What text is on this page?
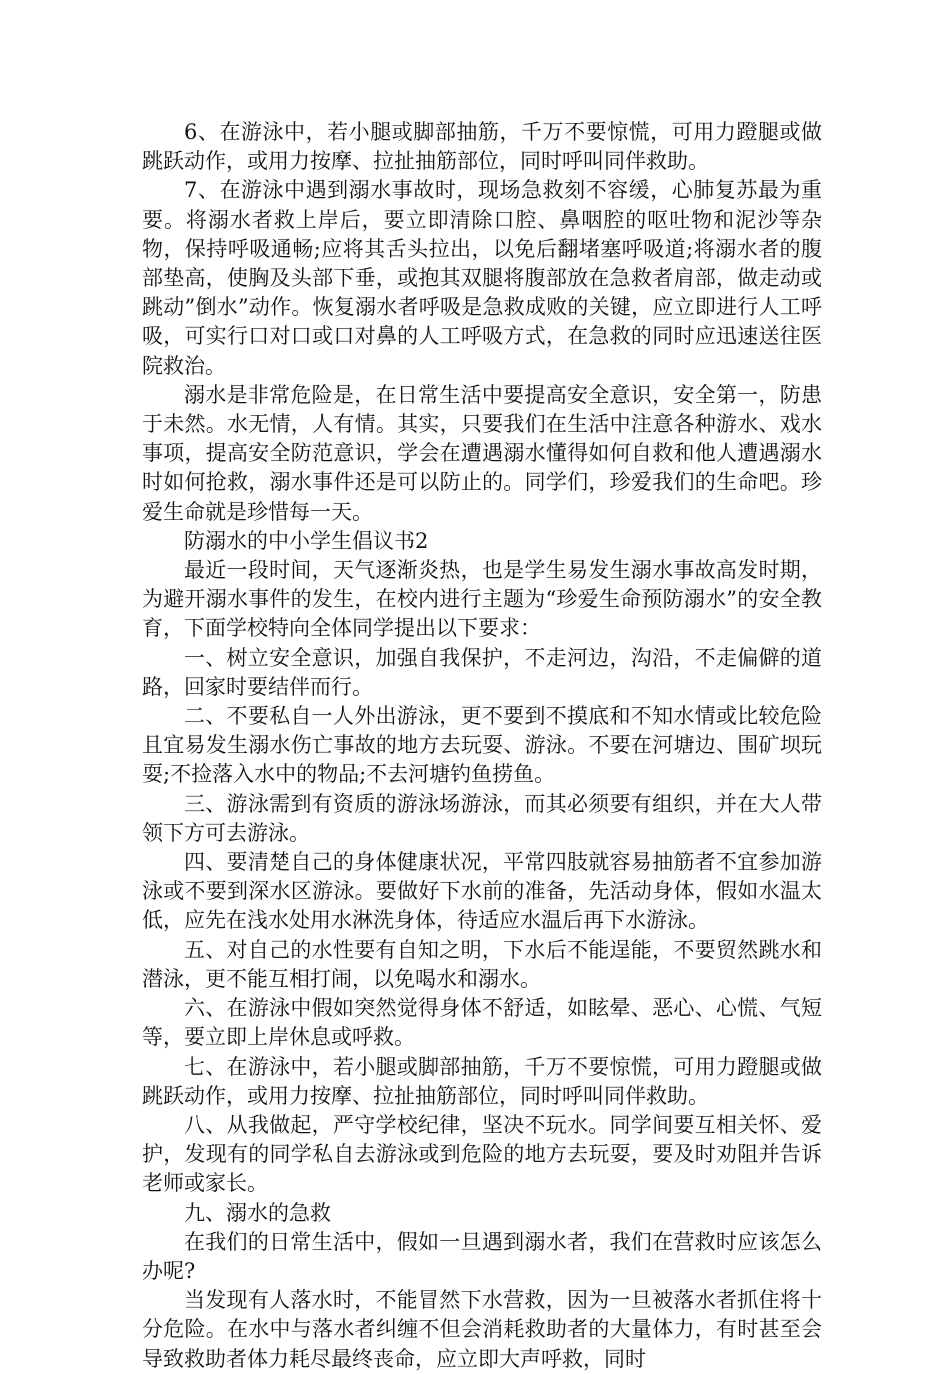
6、在游泳中，若小腿或脚部抽筋，千万不要惊慌，可用力蹬腿或做跳跃动作，或用力按摩、拉扯抽筋部位，同时呼叫同伴救助。

7、在游泳中遇到溺水事故时，现场急救刻不容缓，心肺复苏最为重要。将溺水者救上岸后，要立即清除口腔、鼻咽腔的呕吐物和泥沙等杂物，保持呼吸通畅;应将其舌头拉出，以免后翻堵塞呼吸道;将溺水者的腹部垫高，使胸及头部下垂，或抱其双腿将腹部放在急救者肩部，做走动或跳动”倒水”动作。恢复溺水者呼吸是急救成败的关键，应立即进行人工呼吸，可实行口对口或口对鼻的人工呼吸方式，在急救的同时应迅速送往医院救治。

溺水是非常危险是，在日常生活中要提高安全意识，安全第一，防患于未然。水无情，人有情。其实，只要我们在生活中注意各种游水、戏水事项，提高安全防范意识，学会在遭遇溺水懂得如何自救和他人遭遇溺水时如何抢救，溺水事件还是可以防止的。同学们，珍爱我们的生命吧。珍爱生命就是珍惜每一天。

防溺水的中小学生倡议书2

最近一段时间，天气逐渐炎热，也是学生易发生溺水事故高发时期，为避开溺水事件的发生，在校内进行主题为“珍爱生命预防溺水”的安全教育，下面学校特向全体同学提出以下要求：

一、树立安全意识，加强自我保护，不走河边，沟沿，不走偏僻的道路，回家时要结伴而行。

二、不要私自一人外出游泳，更不要到不摸底和不知水情或比较危险且宜易发生溺水伤亡事故的地方去玩耍、游泳。不要在河塘边、围矿坝玩耍;不捡落入水中的物品;不去河塘钓鱼捞鱼。

三、游泳需到有资质的游泳场游泳，而其必须要有组织，并在大人带领下方可去游泳。

四、要清楚自己的身体健康状况，平常四肢就容易抽筋者不宜参加游泳或不要到深水区游泳。要做好下水前的准备，先活动身体，假如水温太低，应先在浅水处用水淋洗身体，待适应水温后再下水游泳。

五、对自己的水性要有自知之明，下水后不能逞能，不要贸然跳水和潜泳，更不能互相打闹，以免喝水和溺水。

六、在游泳中假如突然觉得身体不舒适，如眩晕、恶心、心慌、气短等，要立即上岸休息或呼救。

七、在游泳中，若小腿或脚部抽筋，千万不要惊慌，可用力蹬腿或做跳跃动作，或用力按摩、拉扯抽筋部位，同时呼叫同伴救助。

八、从我做起，严守学校纪律，坚决不玩水。同学间要互相关怀、爱护，发现有的同学私自去游泳或到危险的地方去玩耍，要及时劝阻并告诉老师或家长。

九、溺水的急救

在我们的日常生活中，假如一旦遇到溺水者，我们在营救时应该怎么办呢?

当发现有人落水时，不能冒然下水营救，因为一旦被落水者抓住将十分危险。在水中与落水者纠缠不但会消耗救助者的大量体力，有时甚至会导致救助者体力耗尽最终丧命，应立即大声呼救，同时
